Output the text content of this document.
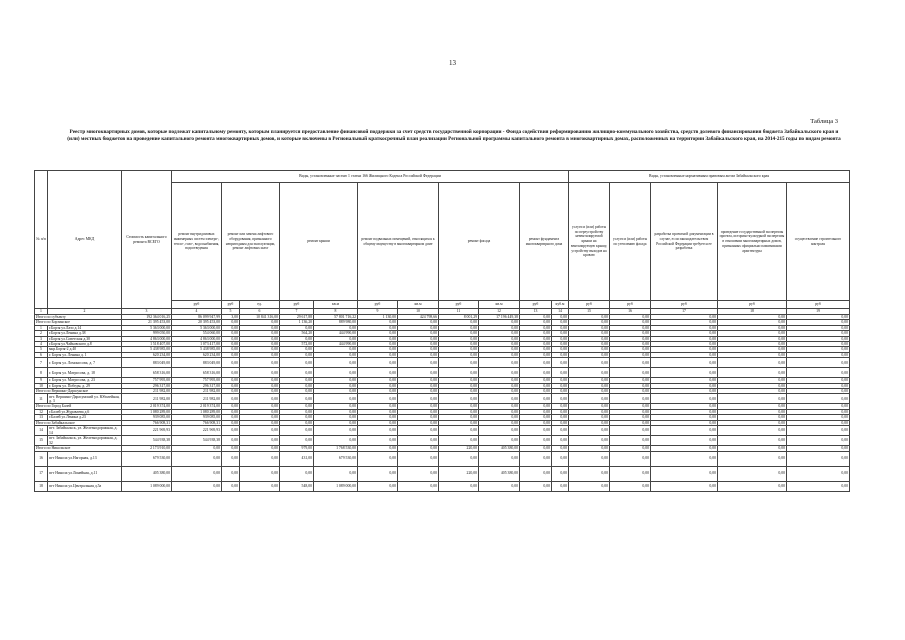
13
Таблица 3
Реестр многоквартирных домов, которые подлежат капитальному ремонту, которым планируется предоставление финансовой поддержки за счет средств государственной корпорации - Фонда содействия реформированию жилищно-коммунального хозяйства, средств долевого финансирования бюджета Забайкальского края и (или) местных бюджетов на проведение капитального ремонта многоквартирных домов, и которые включены в Региональный краткосрочный план реализации Региональной программы капитального ремонта в многоквартирных домах, расположенных на территории Забайкальского края, на 2014-215 годы по видам ремонта
№ п/п	Адрес МКД	Стоимость капитального ремонта ВСЕГО	Виды, установленные частью 1 статьи 166 Жилищного Кодекса Российской Федерации											Виды, установленные нормативным правовым актом Забайкальского края					
			ремонт внутридомовых инженерных систем электро-, тепло-, газо-, водоснабжения, водоотведения	ремонт или замена лифтового оборудования, признанного непригодным для эксплуатации, ремонт лифтовых шахт		ремонт крыши		ремонт подвальных помещений, относящихся к общему имуществу в многоквартирном доме		ремонт фасада		ремонт фундамента многоквартирного дома		услуги и (или) работы по переустройству невентилируемой крыши на вентилируемую крышу, устройству выходов на кровлю	услуги и (или) работы по утеплению фасада	разработка проектной документации в случае, если законодательством Российской Федерации требуется ее разработка	проведение государственной экспертизы проекта, историко-культурной экспертизы в отношении многоквартирных домов, признанных официально памятниками архитектуры	осуществление строительного контроля	
			руб	руб	ед.	руб	кв.м	руб	кв.м	руб	кв.м	руб	куб.м	руб	руб	руб	руб	руб	
1	2	3	4	5	6	7	8	9	10	11	12	13	14	15	16	17	18	19	
Итого по субъекту		192 364 016,25	86 099 947,99	3,00	10 841 316,00	29 617,88	57 801 716,22	1 130,00	424 798,66	8 001,29	17 196 449,38	0,00	0,00	0,00	0,00	0,00	0,00	0,00	
Итого по Борзинское		21 395 453,00	20 395 453,00	0,00	0,00	1 136,20	889 980,00	0,00	0,00	0,00	0,00	0,00	0,00	0,00	0,00	0,00	0,00	0,00	
1	г.Борзя ул.Лазо д.14	5 363 000,00	5 363 000,00	0,00	0,00	0,00	0,00	0,00	0,00	0,00	0,00	0,00	0,00	0,00	0,00	0,00	0,00	0,00	
2	г.Борзя ул.Ленина д.38	999 050,00	554 060,00	0,00	0,00	564,20	444 990,00	0,00	0,00	0,00	0,00	0,00	0,00	0,00	0,00	0,00	0,00	0,00	
3	г.Борзя ул.Советская д.30	4 863 000,00	4 863 000,00	0,00	0,00	0,00	0,00	0,00	0,00	0,00	0,00	0,00	0,00	0,00	0,00	0,00	0,00	0,00	
4	г.Борзя ул.Чайковского д.8	1 518 407,00	1 073 417,00	0,00	0,00	572,00	444 990,00	0,00	0,00	0,00	0,00	0,00	0,00	0,00	0,00	0,00	0,00	0,00	
5	мкр.Борзя-2 д.40	5 438 985,00	5 438 985,00	0,00	0,00	0,00	0,00	0,00	0,00	0,00	0,00	0,00	0,00	0,00	0,00	0,00	0,00	0,00	
6	г. Борзя ул. Ленина д. 1	620 234,00	620 234,00	0,00	0,00	0,00	0,00	0,00	0,00	0,00	0,00	0,00	0,00	0,00	0,00	0,00	0,00	0,00	
7	г. Борзя ул. Ломоносова, д. 7	883 049,00	883 049,00	0,00	0,00	0,00	0,00	0,00	0,00	0,00	0,00	0,00	0,00	0,00	0,00	0,00	0,00	0,00	
8	г. Борзя ул. Матросова, д. 18	658 316,00	658 316,00	0,00	0,00	0,00	0,00	0,00	0,00	0,00	0,00	0,00	0,00	0,00	0,00	0,00	0,00	0,00	
9	г. Борзя ул. Матросова, д. 23	757 995,00	757 995,00	0,00	0,00	0,00	0,00	0,00	0,00	0,00	0,00	0,00	0,00	0,00	0,00	0,00	0,00	0,00	
10	г. Борзя ул. Победы, д. 29	296 317,00	296 317,00	0,00	0,00	0,00	0,00	0,00	0,00	0,00	0,00	0,00	0,00	0,00	0,00	0,00	0,00	0,00	
Итого по Вершино-Дарасунское		211 982,00	211 982,00	0,00	0,00	0,00	0,00	0,00	0,00	0,00	0,00	0,00	0,00	0,00	0,00	0,00	0,00	0,00	
11	пгт. Вершино-Дарасунский ул. Юбилейная, д. 3	211 982,00	211 982,00	0,00	0,00	0,00	0,00	0,00	0,00	0,00	0,00	0,00	0,00	0,00	0,00	0,00	0,00	0,00	
Итого по Город Балей		2 019 374,00	2 019 374,00	0,00	0,00	0,00	0,00	0,00	0,00	0,00	0,00	0,00	0,00	0,00	0,00	0,00	0,00	0,00	
12	г.Балей ул.Журавлева д.6	1 080 289,00	1 080 289,00	0,00	0,00	0,00	0,00	0,00	0,00	0,00	0,00	0,00	0,00	0,00	0,00	0,00	0,00	0,00	
13	г.Балей ул.Ленина д.23	939 085,00	939 085,00	0,00	0,00	0,00	0,00	0,00	0,00	0,00	0,00	0,00	0,00	0,00	0,00	0,00	0,00	0,00	
Итого по Забайкальское		766 908,31	766 908,31	0,00	0,00	0,00	0,00	0,00	0,00	0,00	0,00	0,00	0,00	0,00	0,00	0,00	0,00	0,00	
14	пгт. Забайкальск, ул. Железнодорожная, д. 14	221 969,93	221 969,93	0,00	0,00	0,00	0,00	0,00	0,00	0,00	0,00	0,00	0,00	0,00	0,00	0,00	0,00	0,00	
15	пгт. Забайкальск, ул. Железнодорожная, д. 32	544 938,38	544 938,38	0,00	0,00	0,00	0,00	0,00	0,00	0,00	0,00	0,00	0,00	0,00	0,00	0,00	0,00	0,00	
Итого по Никольское		2 173 910,00	0,00	0,00	0,00	979,00	1 768 530,00	0,00	0,00	220,00	405 380,00	0,00	0,00	0,00	0,00	0,00	0,00	0,00	
16	пгт Нинола ул.Нагорная, д.13	679 530,00	0,00	0,00	0,00	431,00	679 530,00	0,00	0,00	0,00	0,00	0,00	0,00	0,00	0,00	0,00	0,00	0,00	
17	пгт Нинола ул.Линейная, д.11	405 380,00	0,00	0,00	0,00	0,00	0,00	0,00	0,00	220,00	405 380,00	0,00	0,00	0,00	0,00	0,00	0,00	0,00	
18	пгт Нинола ул.Центральная д.5а	1 089 000,00	0,00	0,00	0,00	548,00	1 089 000,00	0,00	0,00	0,00	0,00	0,00	0,00	0,00	0,00	0,00	0,00	0,00	
